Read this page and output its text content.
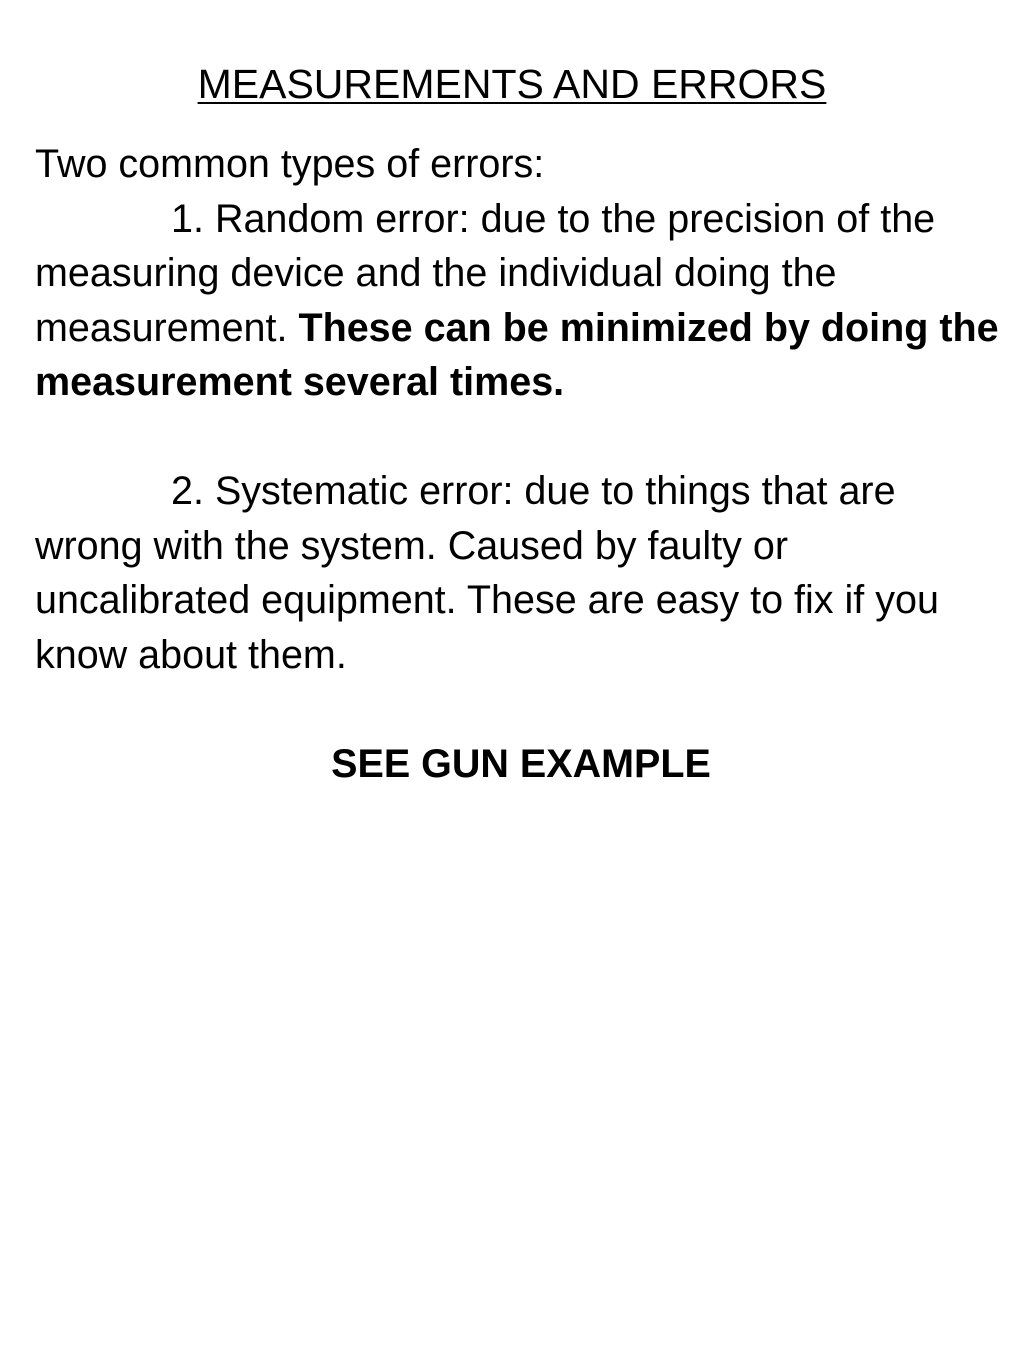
MEASUREMENTS AND ERRORS

Two common types of errors:

1. Random error: due to the precision of the measuring device and the individual doing the measurement. These can be minimized by doing the measurement several times.

2. Systematic error: due to things that are wrong with the system. Caused by faulty or uncalibrated equipment. These are easy to fix if you know about them.

SEE GUN EXAMPLE
